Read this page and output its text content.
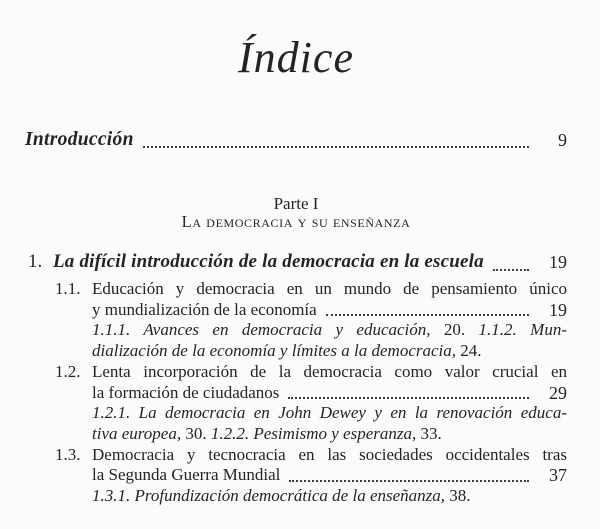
Índice
Introducción	9
Parte I
La democracia y su enseñanza
1. La difícil introducción de la democracia en la escuela	19
1.1. Educación y democracia en un mundo de pensamiento único
y mundialización de la economía	19
1.1.1. Avances en democracia y educación, 20. 1.1.2. Mun-
dialización de la economía y límites a la democracia, 24.
1.2. Lenta incorporación de la democracia como valor crucial en
la formación de ciudadanos	29
1.2.1. La democracia en John Dewey y en la renovación educa-
tiva europea, 30. 1.2.2. Pesimismo y esperanza, 33.
1.3. Democracia y tecnocracia en las sociedades occidentales tras
la Segunda Guerra Mundial	37
1.3.1. Profundización democrática de la enseñanza, 38.
